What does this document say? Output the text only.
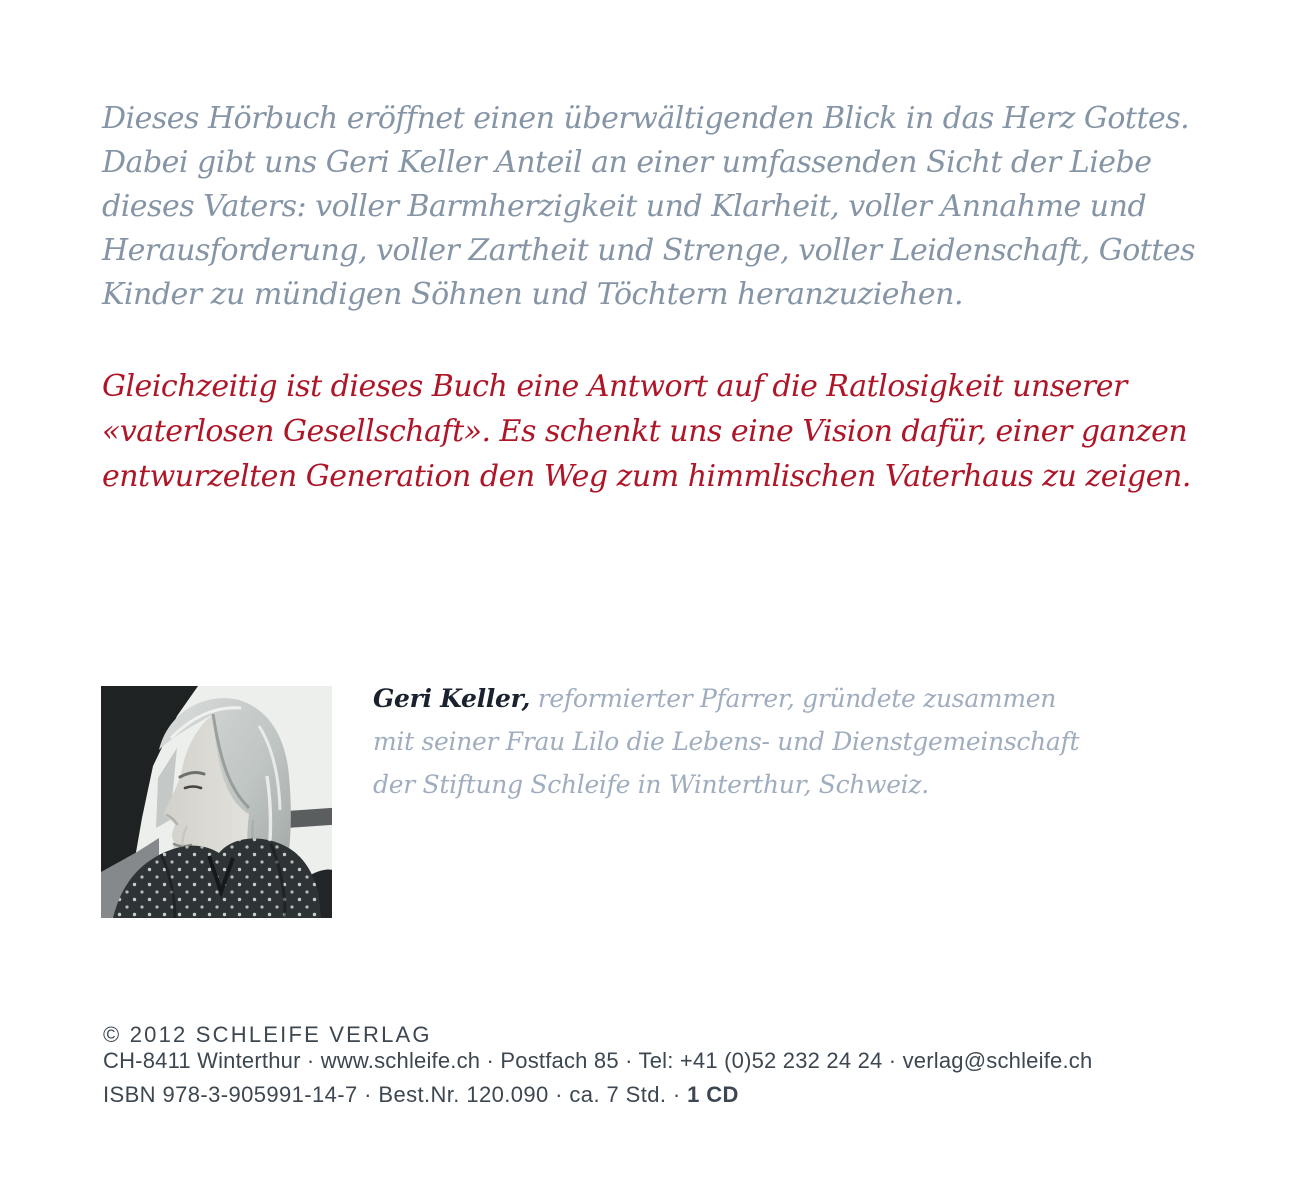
Dieses Hörbuch eröffnet einen überwältigenden Blick in das Herz Gottes.
Dabei gibt uns Geri Keller Anteil an einer umfassenden Sicht der Liebe
dieses Vaters: voller Barmherzigkeit und Klarheit, voller Annahme und
Herausforderung, voller Zartheit und Strenge, voller Leidenschaft, Gottes
Kinder zu mündigen Söhnen und Töchtern heranzuziehen.
Gleichzeitig ist dieses Buch eine Antwort auf die Ratlosigkeit unserer
«vaterlosen Gesellschaft». Es schenkt uns eine Vision dafür, einer ganzen
entwurzelten Generation den Weg zum himmlischen Vaterhaus zu zeigen.
Geri Keller, reformierter Pfarrer, gründete zusammen
mit seiner Frau Lilo die Lebens- und Dienstgemeinschaft
der Stiftung Schleife in Winterthur, Schweiz.
© 2012 SCHLEIFE VERLAG
CH-8411 Winterthur · www.schleife.ch · Postfach 85 · Tel: +41 (0)52 232 24 24 · verlag@schleife.ch
ISBN 978-3-905991-14-7 · Best.Nr. 120.090 · ca. 7 Std. · 1 CD
